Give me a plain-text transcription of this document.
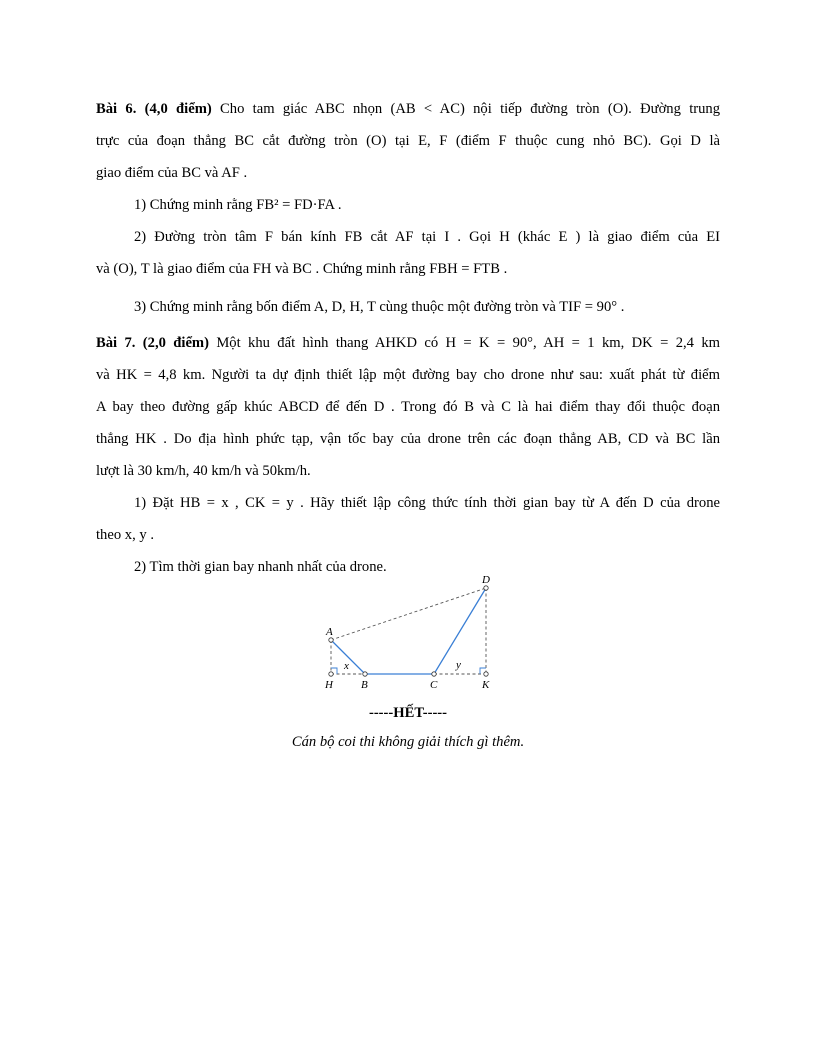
Bài 6. (4,0 điểm) Cho tam giác ABC nhọn (AB < AC) nội tiếp đường tròn (O). Đường trung
trực của đoạn thẳng BC cắt đường tròn (O) tại E, F (điểm F thuộc cung nhỏ BC). Gọi D là
giao điểm của BC và AF .
1) Chứng minh rằng FB² = FD·FA .
2) Đường tròn tâm F bán kính FB cắt AF tại I . Gọi H (khác E ) là giao điểm của EI
và (O), T là giao điểm của FH và BC . Chứng minh rằng FBH = FTB .
3) Chứng minh rằng bốn điểm A, D, H, T cùng thuộc một đường tròn và TIF = 90° .
Bài 7. (2,0 điểm) Một khu đất hình thang AHKD có H = K = 90°, AH = 1 km, DK = 2,4 km
và HK = 4,8 km. Người ta dự định thiết lập một đường bay cho drone như sau: xuất phát từ điểm
A bay theo đường gấp khúc ABCD để đến D . Trong đó B và C là hai điểm thay đổi thuộc đoạn
thẳng HK . Do địa hình phức tạp, vận tốc bay của drone trên các đoạn thẳng AB, CD và BC lần
lượt là 30 km/h, 40 km/h và 50km/h.
1) Đặt HB = x , CK = y . Hãy thiết lập công thức tính thời gian bay từ A đến D của drone
theo x, y .
2) Tìm thời gian bay nhanh nhất của drone.
A
D
H	B	C	K
x	y
-----HẾT-----
Cán bộ coi thi không giải thích gì thêm.
